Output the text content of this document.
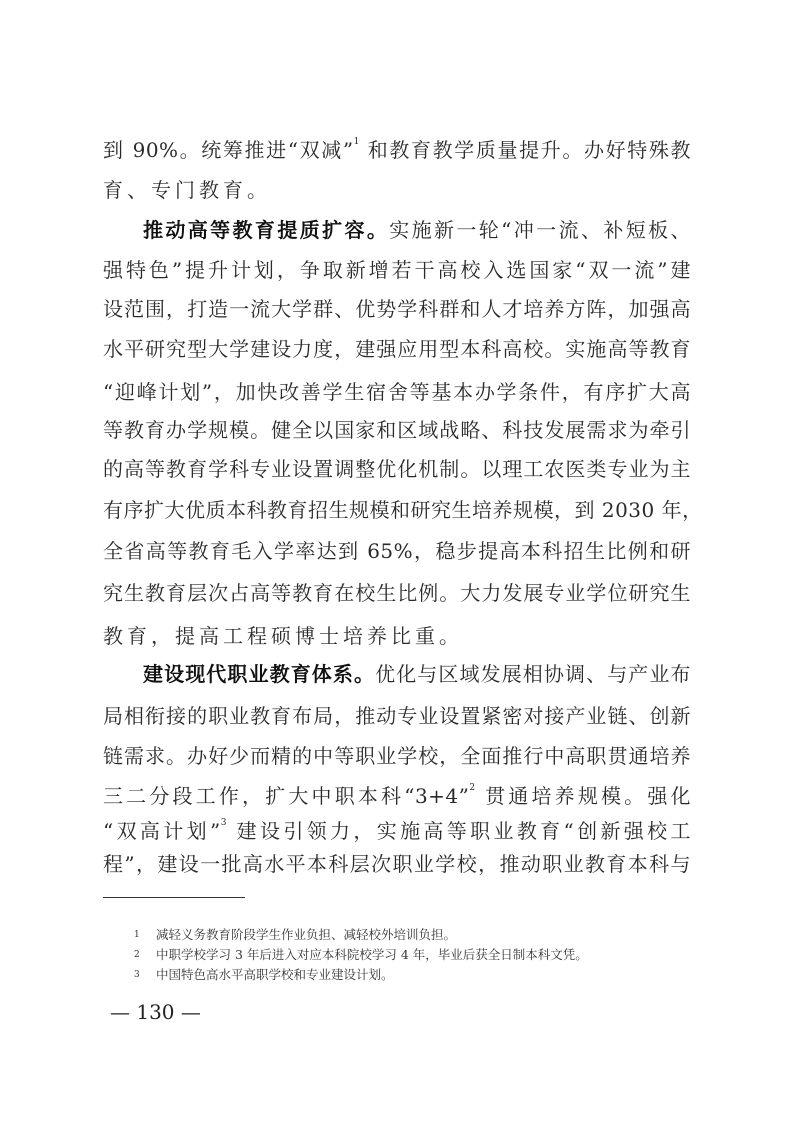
到 90%。统筹推进“双减”$^1$ 和教育教学质量提升。办好特殊教
育、专门教育。
推动高等教育提质扩容。实施新一轮“冲一流、补短板、
强特色”提升计划，争取新增若干高校入选国家“双一流”建
设范围，打造一流大学群、优势学科群和人才培养方阵，加强高
水平研究型大学建设力度，建强应用型本科高校。实施高等教育
“迎峰计划”，加快改善学生宿舍等基本办学条件，有序扩大高
等教育办学规模。健全以国家和区域战略、科技发展需求为牵引
的高等教育学科专业设置调整优化机制。以理工农医类专业为主
有序扩大优质本科教育招生规模和研究生培养规模，到 2030 年，
全省高等教育毛入学率达到 65%，稳步提高本科招生比例和研
究生教育层次占高等教育在校生比例。大力发展专业学位研究生
教育，提高工程硕博士培养比重。
建设现代职业教育体系。优化与区域发展相协调、与产业布
局相衔接的职业教育布局，推动专业设置紧密对接产业链、创新
链需求。办好少而精的中等职业学校，全面推行中高职贯通培养
三二分段工作，扩大中职本科“3+4”$^2$ 贯通培养规模。强化
“双高计划”$^3$ 建设引领力，实施高等职业教育“创新强校工
程”，建设一批高水平本科层次职业学校，推动职业教育本科与
1 减轻义务教育阶段学生作业负担、减轻校外培训负担。
2 中职学校学习 3 年后进入对应本科院校学习 4 年，毕业后获全日制本科文凭。
3 中国特色高水平高职学校和专业建设计划。
— 130 —
